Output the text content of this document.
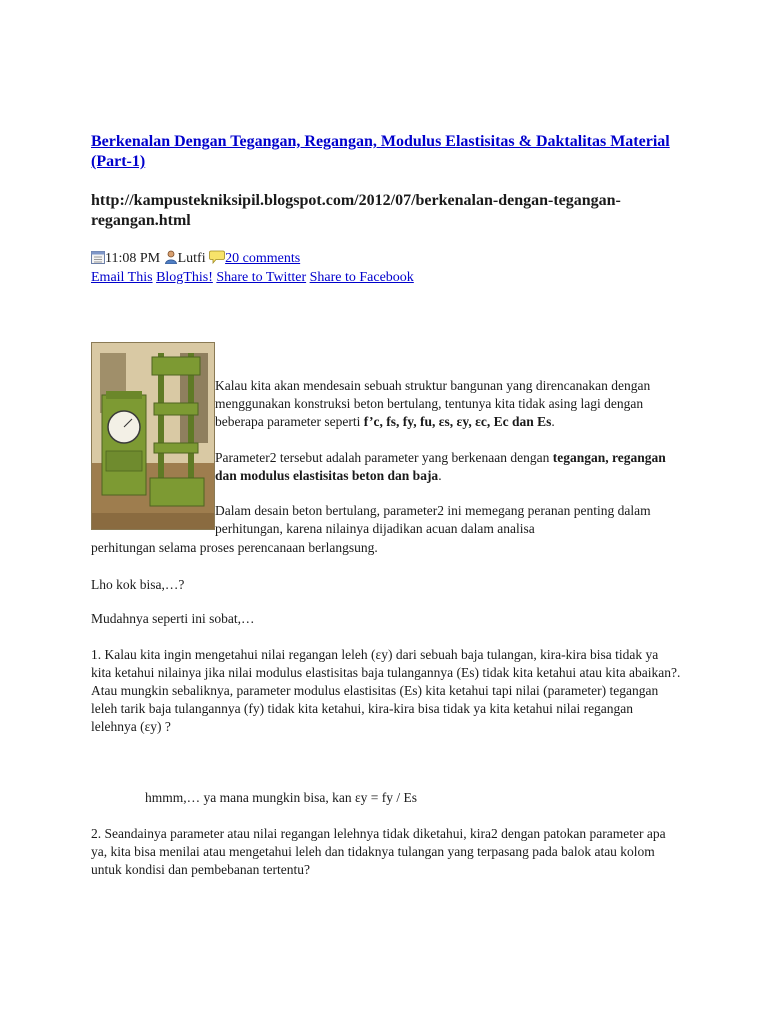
Berkenalan Dengan Tegangan, Regangan, Modulus Elastisitas & Daktalitas Material (Part-1)
http://kampustekniksipil.blogspot.com/2012/07/berkenalan-dengan-tegangan-regangan.html
11:08 PM Lutfi 20 comments
Email This BlogThis! Share to Twitter Share to Facebook
Kalau kita akan mendesain sebuah struktur bangunan yang direncanakan dengan menggunakan konstruksi beton bertulang, tentunya kita tidak asing lagi dengan beberapa parameter seperti f’c, fs, fy, fu, εs, εy, εc, Ec dan Es.
Parameter2 tersebut adalah parameter yang berkenaan dengan tegangan, regangan dan modulus elastisitas beton dan baja.
Dalam desain beton bertulang, parameter2 ini memegang peranan penting dalam perhitungan, karena nilainya dijadikan acuan dalam analisa
perhitungan selama proses perencanaan berlangsung.
Lho kok bisa,…?
Mudahnya seperti ini sobat,…
1. Kalau kita ingin mengetahui nilai regangan leleh (εy) dari sebuah baja tulangan, kira-kira bisa tidak ya kita ketahui nilainya jika nilai modulus elastisitas baja tulangannya (Es) tidak kita ketahui atau kita abaikan?. Atau mungkin sebaliknya, parameter modulus elastisitas (Es) kita ketahui tapi nilai (parameter) tegangan leleh tarik baja tulangannya (fy) tidak kita ketahui, kira-kira bisa tidak ya kita ketahui nilai regangan lelehnya (εy) ?
hmmm,… ya mana mungkin bisa, kan εy = fy / Es
2. Seandainya parameter atau nilai regangan lelehnya tidak diketahui, kira2 dengan patokan parameter apa ya, kita bisa menilai atau mengetahui leleh dan tidaknya tulangan yang terpasang pada balok atau kolom untuk kondisi dan pembebanan tertentu?
